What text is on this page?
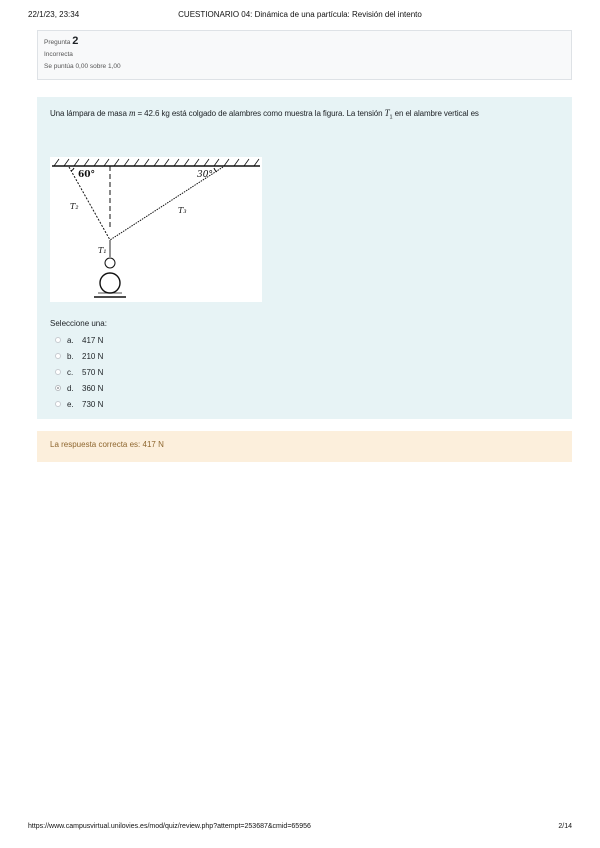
22/1/23, 23:34	CUESTIONARIO 04: Dinámica de una partícula: Revisión del intento
Pregunta 2
Incorrecta
Se puntúa 0,00 sobre 1,00
Una lámpara de masa m = 42.6 kg está colgado de alambres como muestra la figura. La tensión $T_1$ en el alambre vertical es
60°	30°
T₂	T₃
T₁
Seleccione una:
a.	417 N
b.	210 N
c.	570 N
d.	360 N
e.	730 N
La respuesta correcta es: 417 N
https://www.campusvirtual.unilovies.es/mod/quiz/review.php?attempt=253687&cmid=65956	2/14
